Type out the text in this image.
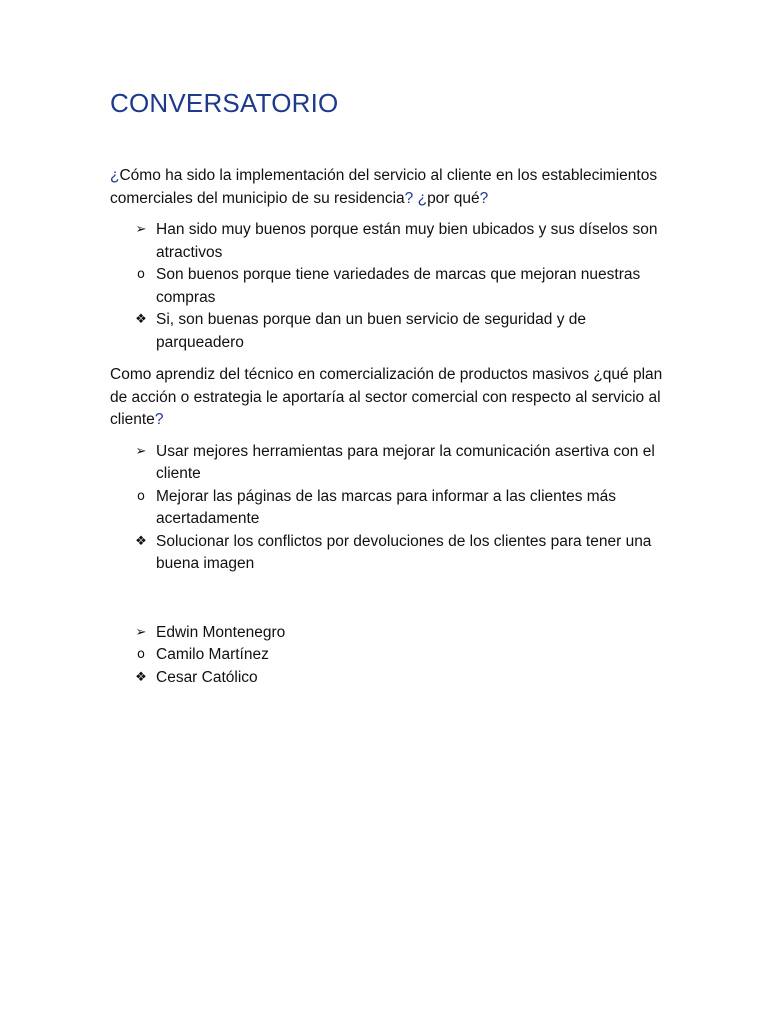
CONVERSATORIO

¿Cómo ha sido la implementación del servicio al cliente en los establecimientos comerciales del municipio de su residencia? ¿por qué?

➢ Han sido muy buenos porque están muy bien ubicados y sus díselos son atractivos
o Son buenos porque tiene variedades de marcas que mejoran nuestras compras
❖ Si, son buenas porque dan un buen servicio de seguridad y de parqueadero

Como aprendiz del técnico en comercialización de productos masivos ¿qué plan de acción o estrategia le aportaría al sector comercial con respecto al servicio al cliente?

➢ Usar mejores herramientas para mejorar la comunicación asertiva con el cliente
o Mejorar las páginas de las marcas para informar a las clientes más acertadamente
❖ Solucionar los conflictos por devoluciones de los clientes para tener una buena imagen
➢ Edwin Montenegro
o Camilo Martínez
❖ Cesar Católico
